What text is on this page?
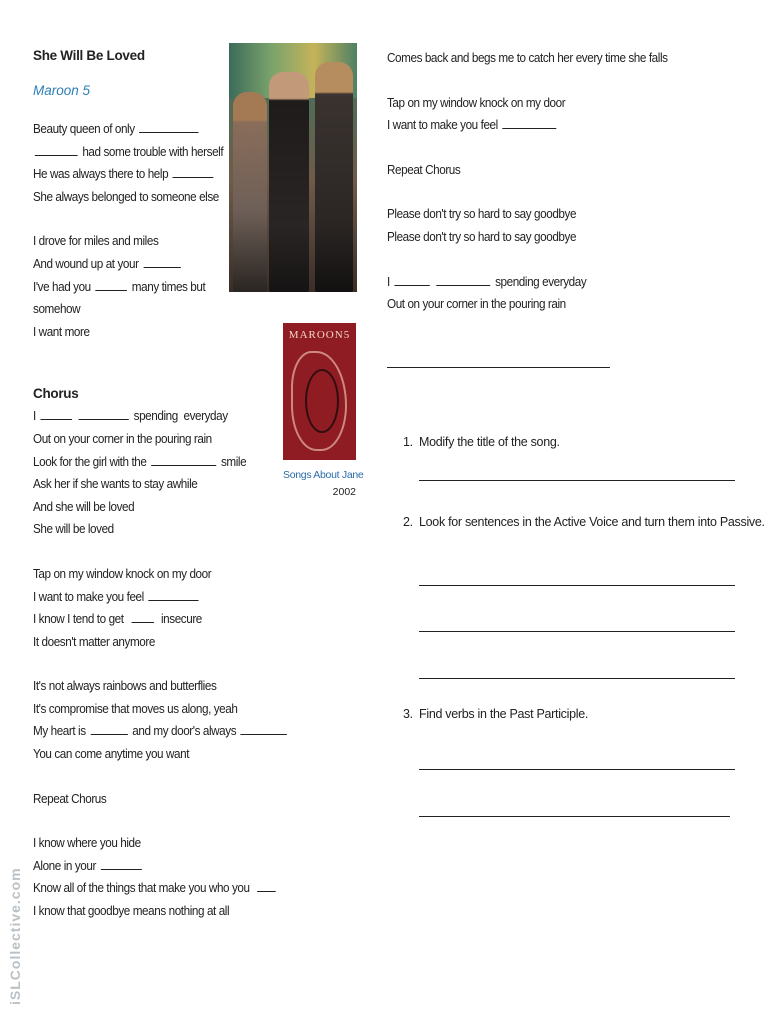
She Will Be Loved
Maroon 5
Beauty queen of only
had some trouble with herself
He was always there to help
She always belonged to someone else
I drove for miles and miles
And wound up at your
I've had you	many times but
somehow
I want more
Chorus
I	spending  everyday
Out on your corner in the pouring rain
Look for the girl with the	smile
Ask her if she wants to stay awhile
And she will be loved
She will be loved
Tap on my window knock on my door
I want to make you feel
I know I tend to get    insecure
It doesn't matter anymore
It's not always rainbows and butterflies
It's compromise that moves us along, yeah
My heart is	and my door's always
You can come anytime you want
Repeat Chorus
I know where you hide
Alone in your
Know all of the things that make you who you
I know that goodbye means nothing at all
MAROON5
Songs About Jane
2002
Comes back and begs me to catch her every time she falls
Tap on my window knock on my door
I want to make you feel
Repeat Chorus
Please don't try so hard to say goodbye
Please don't try so hard to say goodbye
I	spending everyday
Out on your corner in the pouring rain
1. Modify the title of the song.
2. Look for sentences in the Active Voice and turn them into Passive.
3. Find verbs in the Past Participle.
iSLCollective.com
